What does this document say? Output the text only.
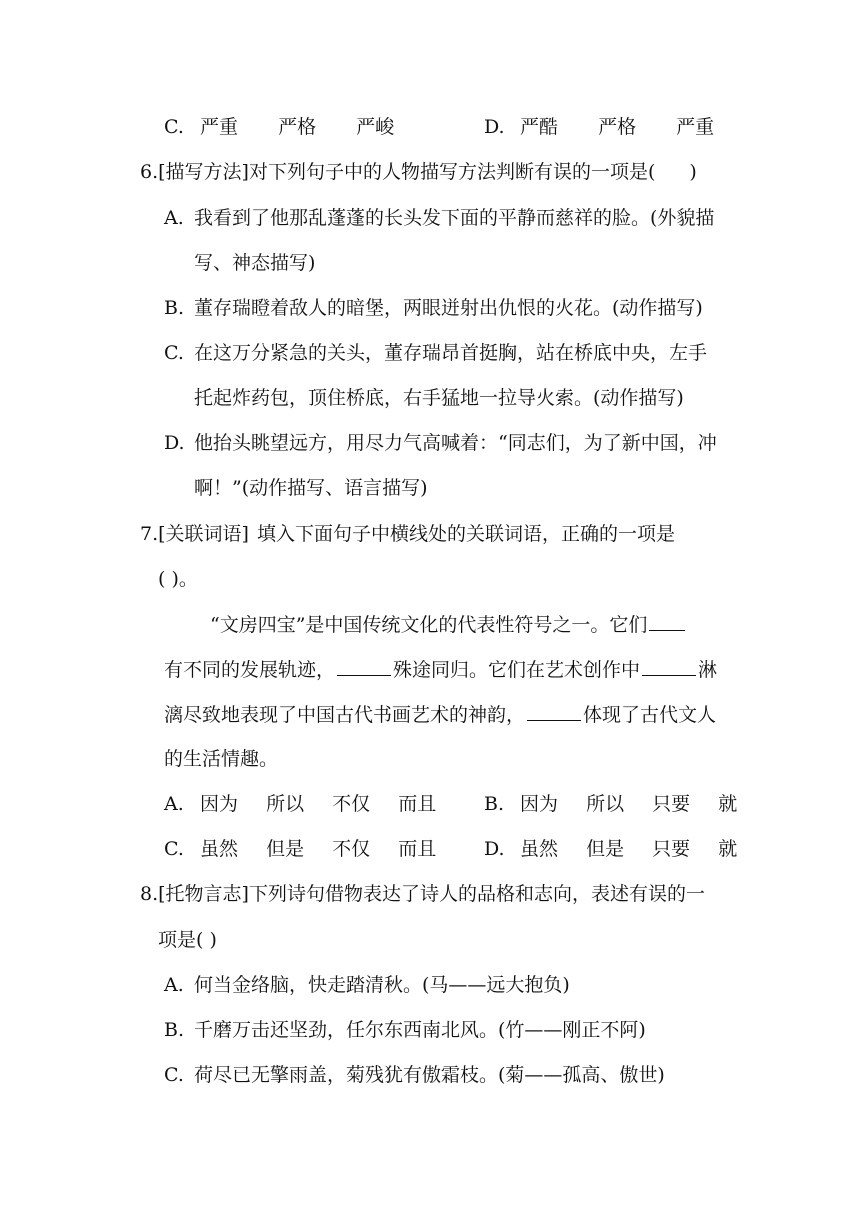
C. 严重 严格 严峻	D. 严酷 严格 严重
6.[描写方法]对下列句子中的人物描写方法判断有误的一项是( )
A. 我看到了他那乱蓬蓬的长头发下面的平静而慈祥的脸。(外貌描
写、神态描写)
B. 董存瑞瞪着敌人的暗堡，两眼迸射出仇恨的火花。(动作描写)
C. 在这万分紧急的关头，董存瑞昂首挺胸，站在桥底中央，左手
托起炸药包，顶住桥底，右手猛地一拉导火索。(动作描写)
D. 他抬头眺望远方，用尽力气高喊着：“同志们，为了新中国，冲
啊！”(动作描写、语言描写)
7.[关联词语] 填入下面句子中横线处的关联词语，正确的一项是
( )。
“文房四宝”是中国传统文化的代表性符号之一。它们
有不同的发展轨迹，	殊途同归。它们在艺术创作中	淋
漓尽致地表现了中国古代书画艺术的神韵，	体现了古代文人
的生活情趣。
A. 因为 所以 不仅 而且	B. 因为 所以 只要 就
C. 虽然 但是 不仅 而且	D. 虽然 但是 只要 就
8.[托物言志]下列诗句借物表达了诗人的品格和志向，表述有误的一
项是( )
A. 何当金络脑，快走踏清秋。(马——远大抱负)
B. 千磨万击还坚劲，任尔东西南北风。(竹——刚正不阿)
C. 荷尽已无擎雨盖，菊残犹有傲霜枝。(菊——孤高、傲世)
